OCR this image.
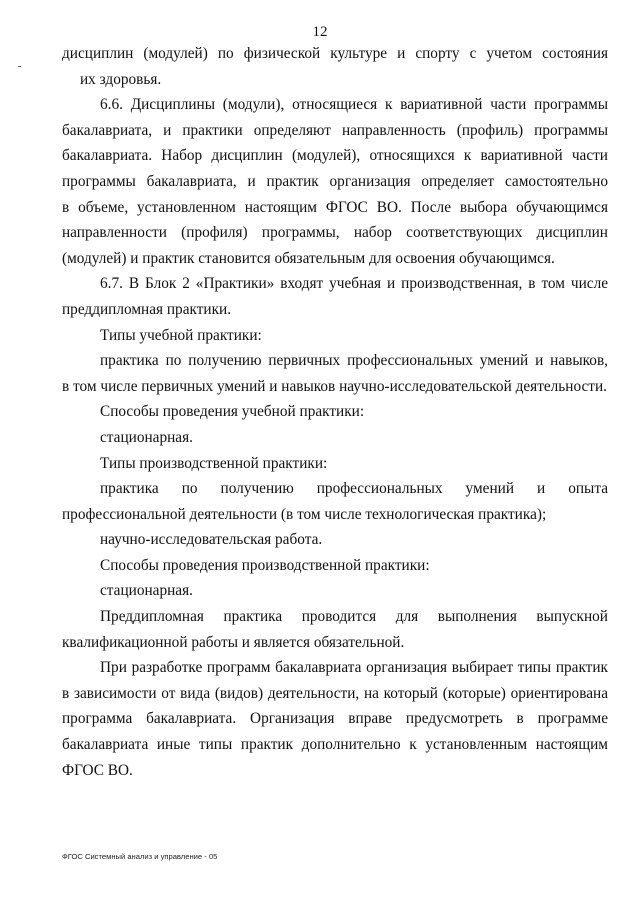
12
дисциплин (модулей) по физической культуре и спорту с учетом состояния
их здоровья.
6.6. Дисциплины (модули), относящиеся к вариативной части программы
бакалавриата, и практики определяют направленность (профиль) программы
бакалавриата. Набор дисциплин (модулей), относящихся к вариативной части
программы бакалавриата, и практик организация определяет самостоятельно
в объеме, установленном настоящим ФГОС ВО. После выбора обучающимся
направленности (профиля) программы, набор соответствующих дисциплин
(модулей) и практик становится обязательным для освоения обучающимся.
6.7. В Блок 2 «Практики» входят учебная и производственная, в том числе
преддипломная практики.
Типы учебной практики:
практика по получению первичных профессиональных умений и навыков,
в том числе первичных умений и навыков научно-исследовательской деятельности.
Способы проведения учебной практики:
стационарная.
Типы производственной практики:
практика по получению профессиональных умений и опыта
профессиональной деятельности (в том числе технологическая практика);
научно-исследовательская работа.
Способы проведения производственной практики:
стационарная.
Преддипломная практика проводится для выполнения выпускной
квалификационной работы и является обязательной.
При разработке программ бакалавриата организация выбирает типы практик
в зависимости от вида (видов) деятельности, на который (которые) ориентирована
программа бакалавриата. Организация вправе предусмотреть в программе
бакалавриата иные типы практик дополнительно к установленным настоящим
ФГОС ВО.
ФГОС Системный анализ и управление - 05
